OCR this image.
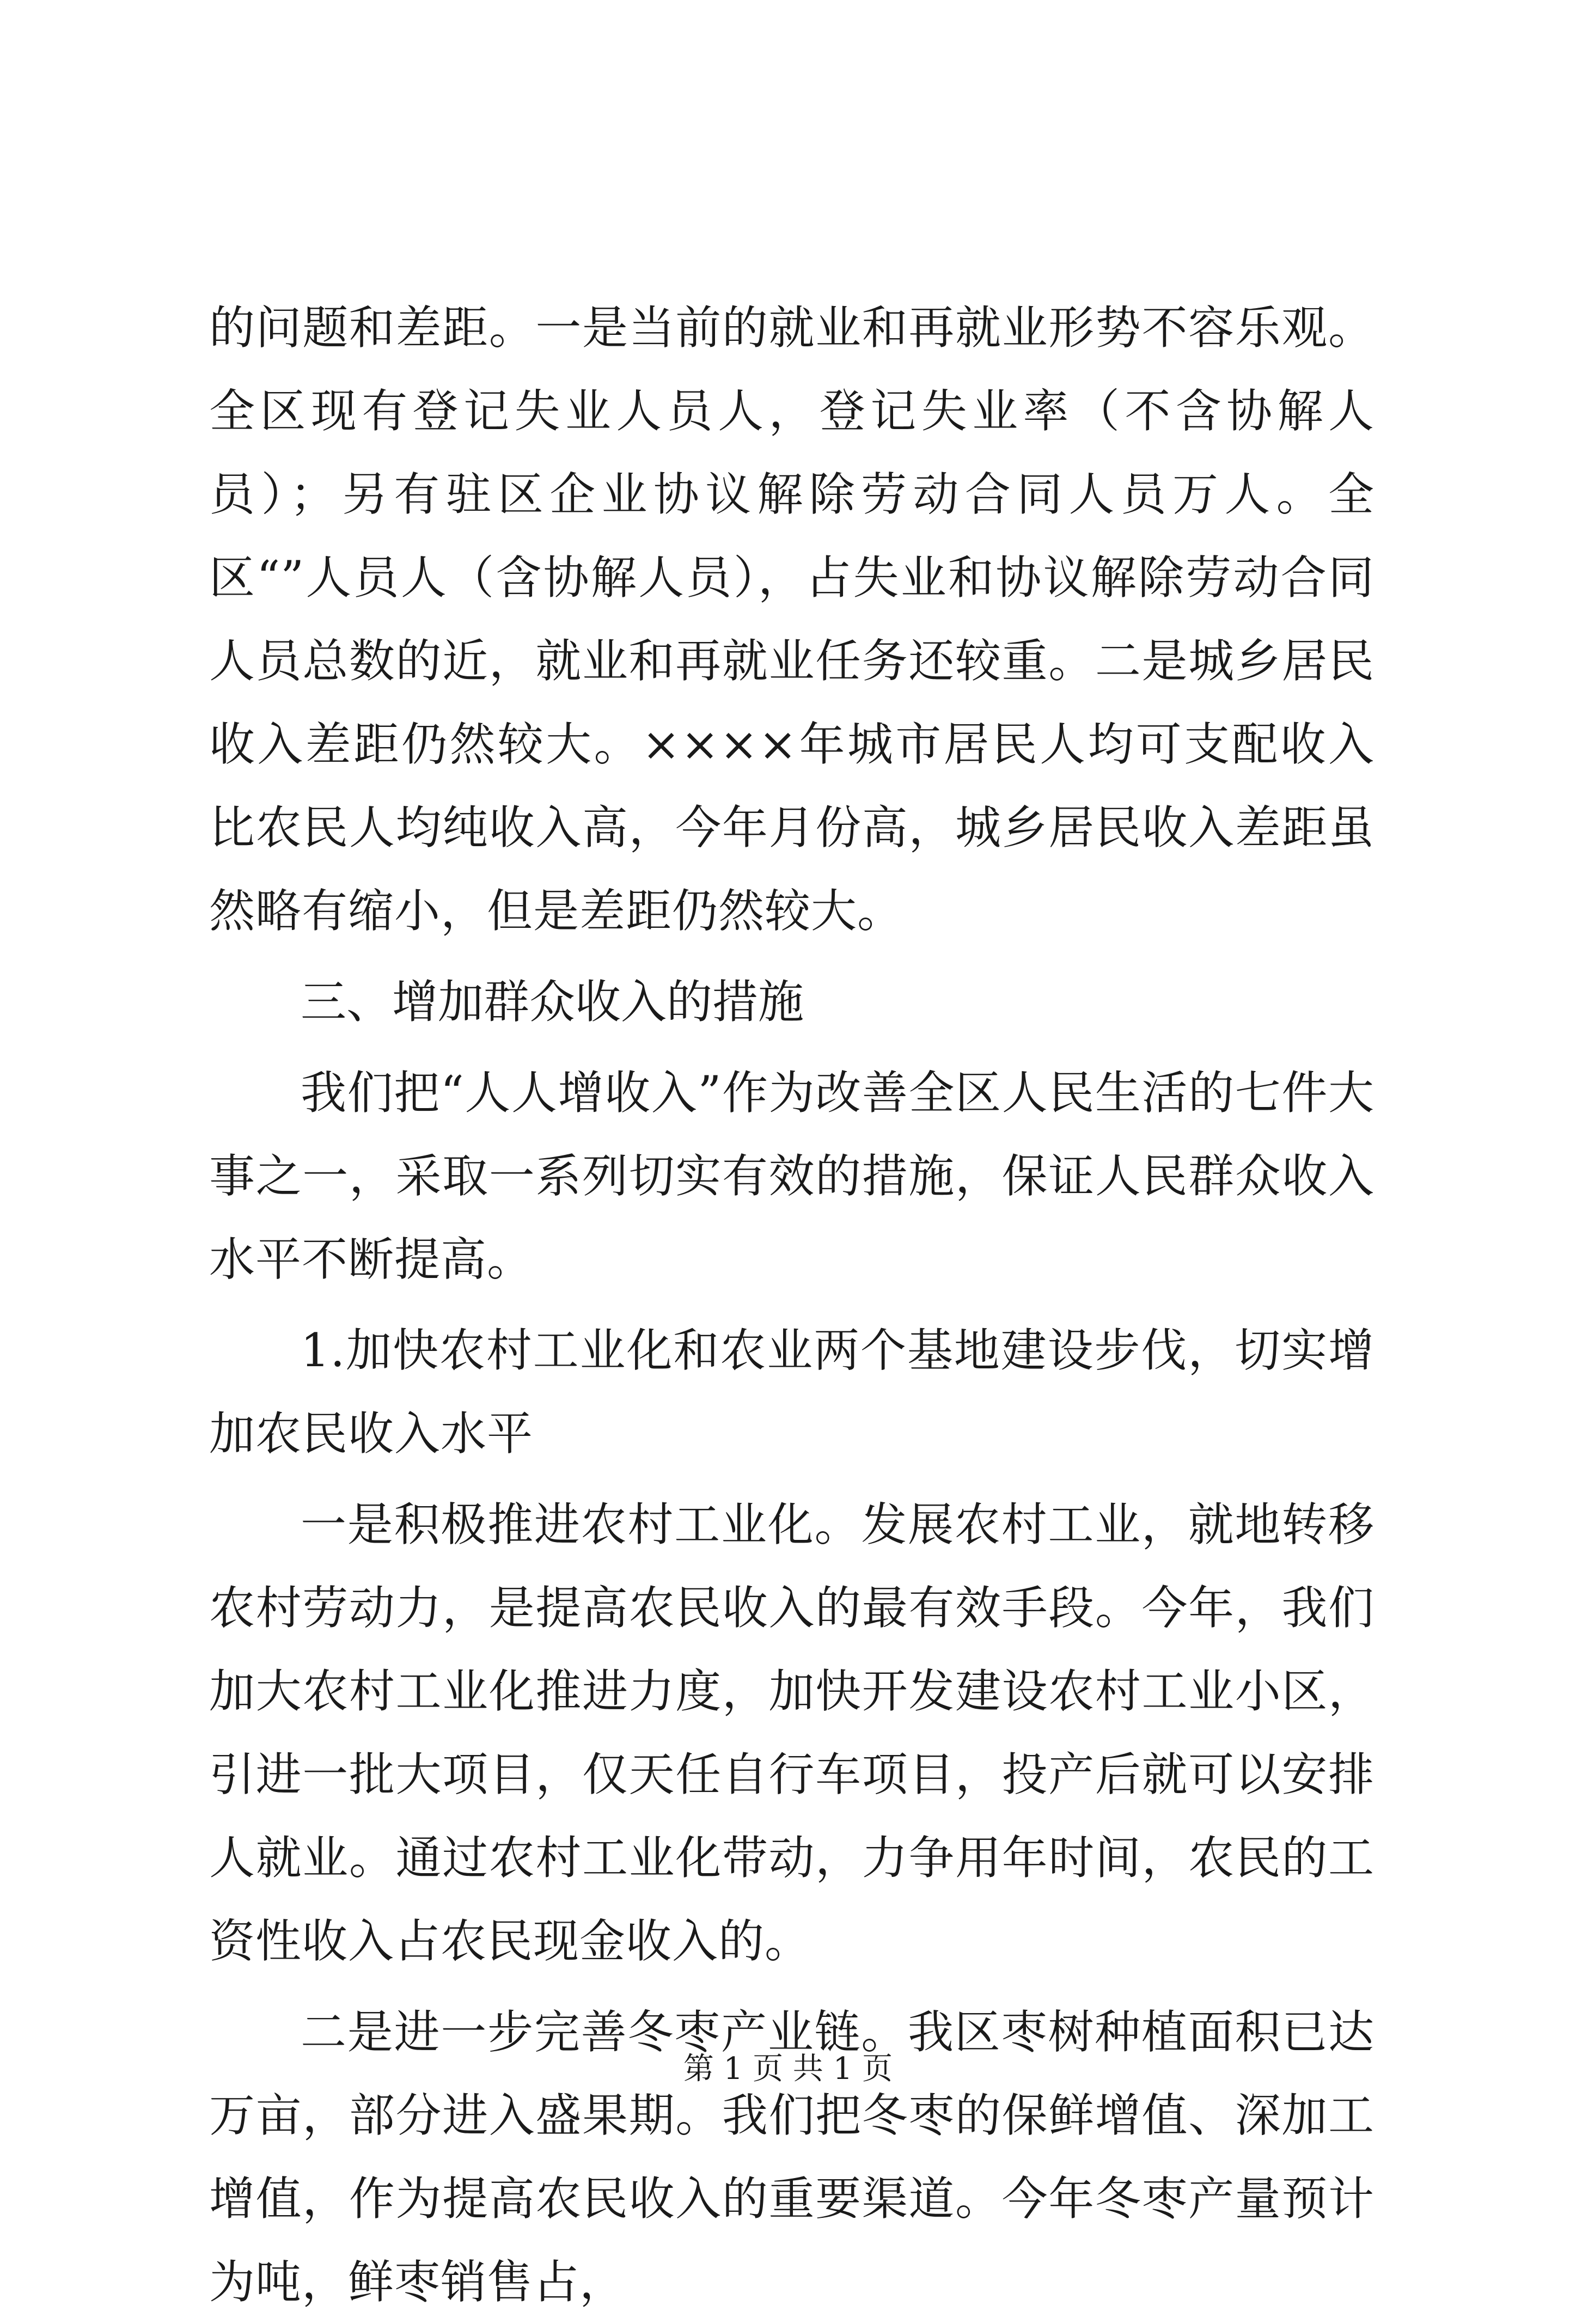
的问题和差距。一是当前的就业和再就业形势不容乐观。全区现有登记失业人员人，登记失业率（不含协解人员）；另有驻区企业协议解除劳动合同人员万人。全区“”人员人（含协解人员），占失业和协议解除劳动合同人员总数的近，就业和再就业任务还较重。二是城乡居民收入差距仍然较大。××××年城市居民人均可支配收入比农民人均纯收入高，今年月份高，城乡居民收入差距虽然略有缩小，但是差距仍然较大。

三、增加群众收入的措施

我们把“人人增收入”作为改善全区人民生活的七件大事之一，采取一系列切实有效的措施，保证人民群众收入水平不断提高。

1.加快农村工业化和农业两个基地建设步伐，切实增加农民收入水平

一是积极推进农村工业化。发展农村工业，就地转移农村劳动力，是提高农民收入的最有效手段。今年，我们加大农村工业化推进力度，加快开发建设农村工业小区，引进一批大项目，仅天任自行车项目，投产后就可以安排人就业。通过农村工业化带动，力争用年时间，农民的工资性收入占农民现金收入的。

二是进一步完善冬枣产业链。我区枣树种植面积已达万亩，部分进入盛果期。我们把冬枣的保鲜增值、深加工增值，作为提高农民收入的重要渠道。今年冬枣产量预计为吨，鲜枣销售占，

第 1 页 共 1 页
